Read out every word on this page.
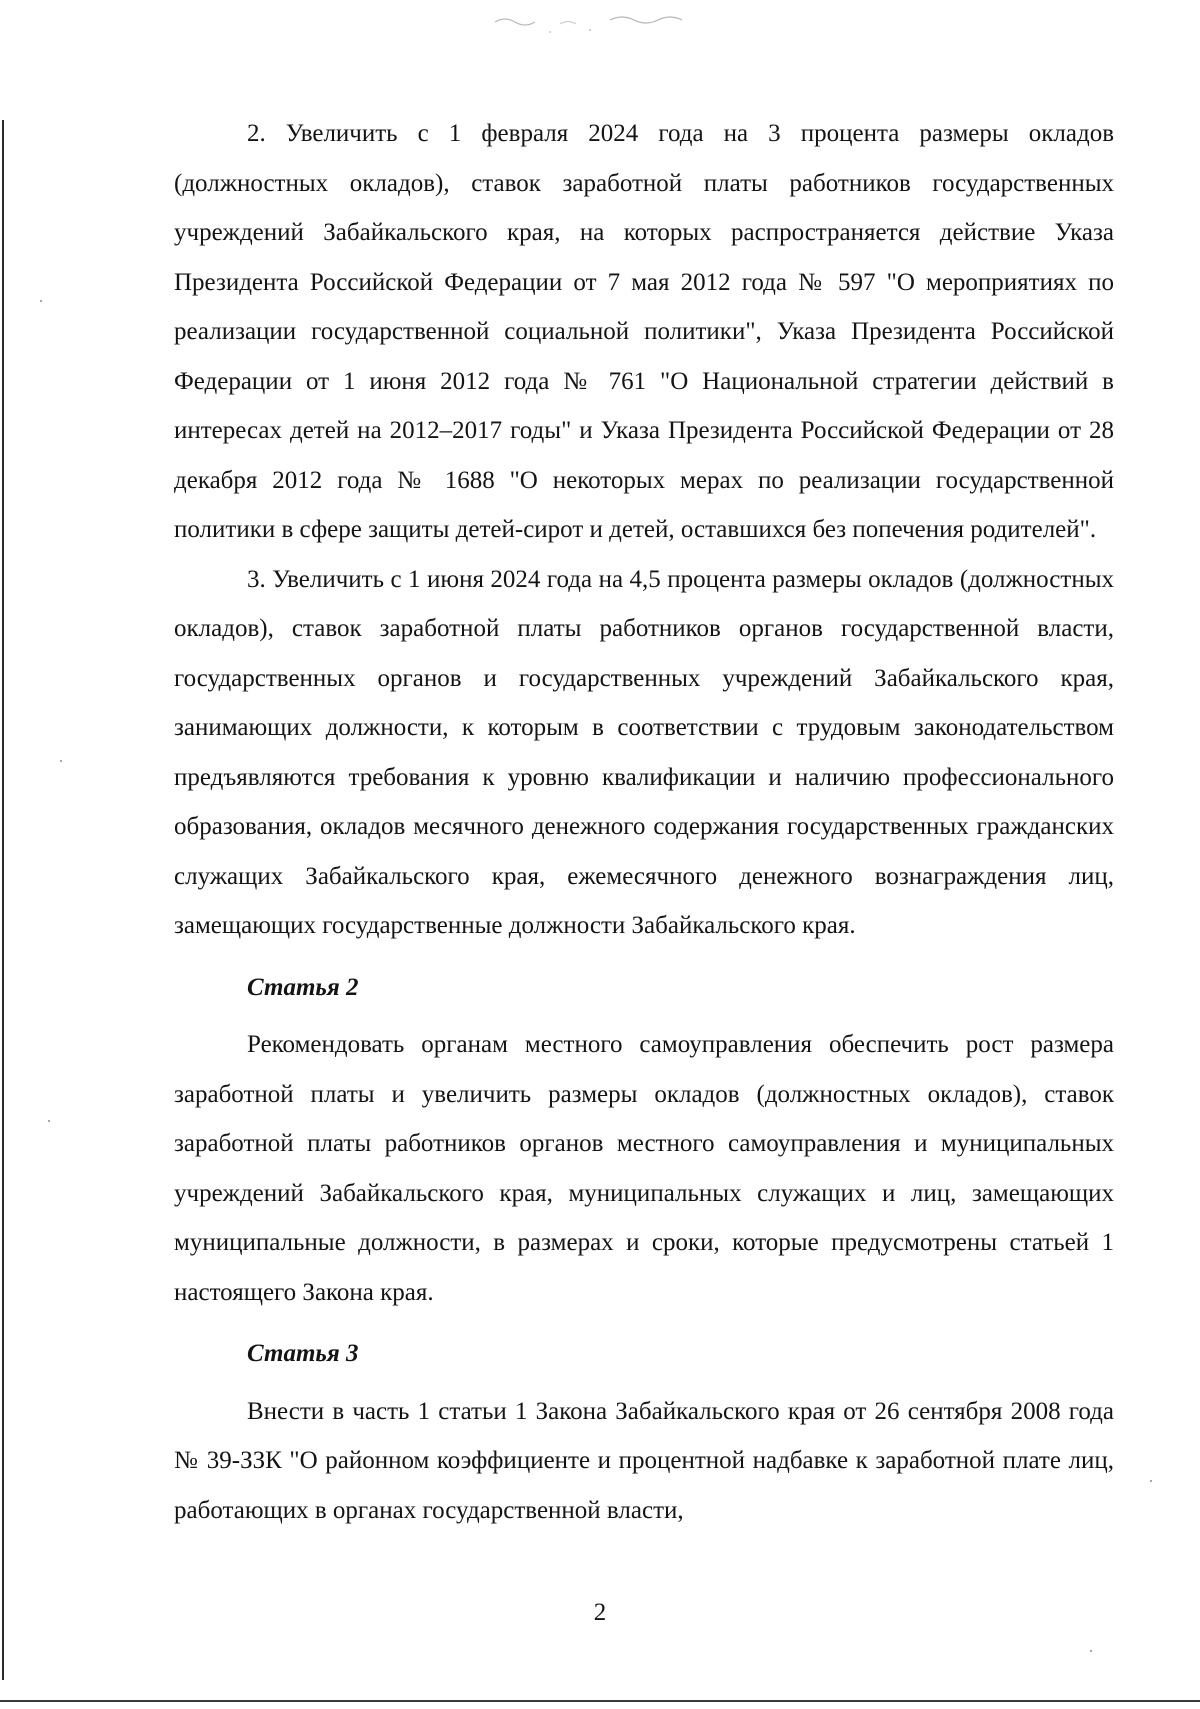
2. Увеличить с 1 февраля 2024 года на 3 процента размеры окладов (должностных окладов), ставок заработной платы работников государственных учреждений Забайкальского края, на которых распространяется действие Указа Президента Российской Федерации от 7 мая 2012 года № 597 "О мероприятиях по реализации государственной социальной политики", Указа Президента Российской Федерации от 1 июня 2012 года № 761 "О Национальной стратегии действий в интересах детей на 2012–2017 годы" и Указа Президента Российской Федерации от 28 декабря 2012 года № 1688 "О некоторых мерах по реализации государственной политики в сфере защиты детей-сирот и детей, оставшихся без попечения родителей".

3. Увеличить с 1 июня 2024 года на 4,5 процента размеры окладов (должностных окладов), ставок заработной платы работников органов государственной власти, государственных органов и государственных учреждений Забайкальского края, занимающих должности, к которым в соответствии с трудовым законодательством предъявляются требования к уровню квалификации и наличию профессионального образования, окладов месячного денежного содержания государственных гражданских служащих Забайкальского края, ежемесячного денежного вознаграждения лиц, замещающих государственные должности Забайкальского края.

Статья 2

Рекомендовать органам местного самоуправления обеспечить рост размера заработной платы и увеличить размеры окладов (должностных окладов), ставок заработной платы работников органов местного самоуправления и муниципальных учреждений Забайкальского края, муниципальных служащих и лиц, замещающих муниципальные должности, в размерах и сроки, которые предусмотрены статьей 1 настоящего Закона края.

Статья 3

Внести в часть 1 статьи 1 Закона Забайкальского края от 26 сентября 2008 года № 39-ЗЗК "О районном коэффициенте и процентной надбавке к заработной плате лиц, работающих в органах государственной власти,

2
